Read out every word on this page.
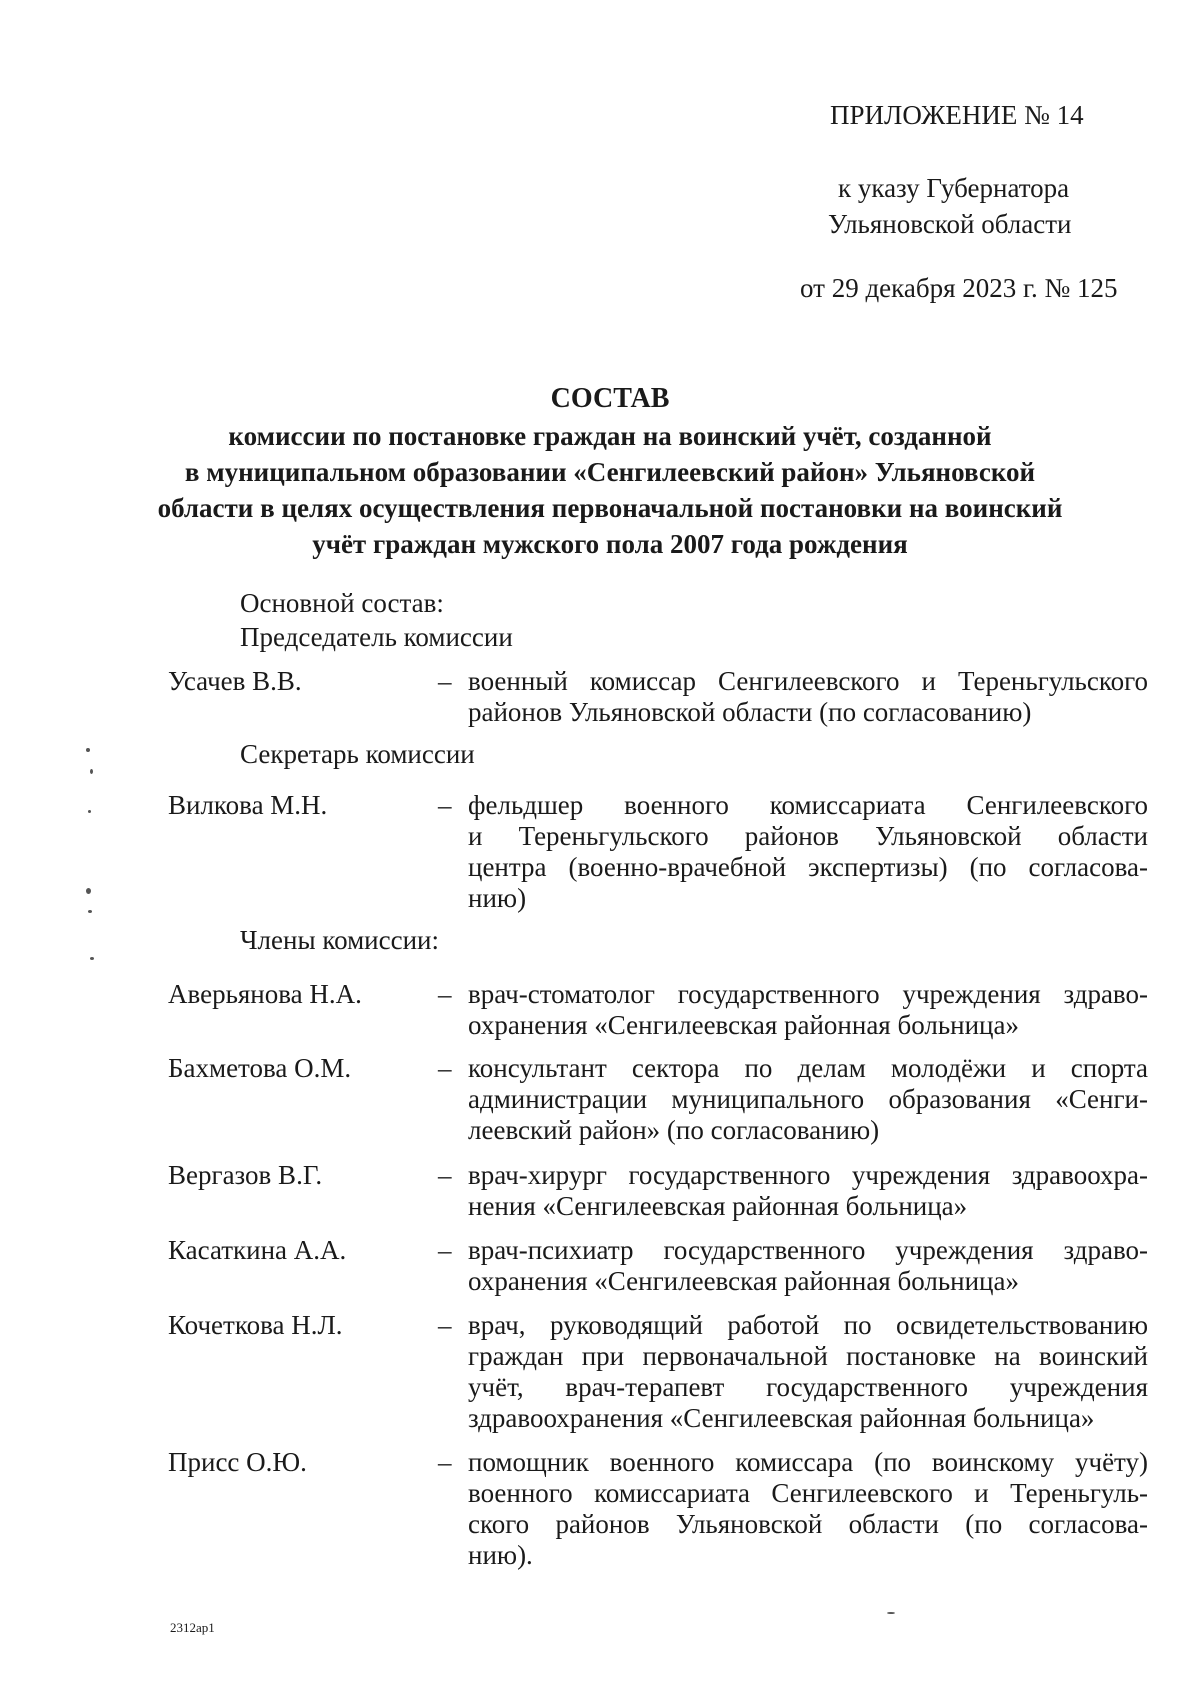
ПРИЛОЖЕНИЕ № 14
к указу Губернатора
Ульяновской области
от 29 декабря 2023 г. № 125
СОСТАВ
комиссии по постановке граждан на воинский учёт, созданной
в муниципальном образовании «Сенгилеевский район» Ульяновской
области в целях осуществления первоначальной постановки на воинский
учёт граждан мужского пола 2007 года рождения
Основной состав:
Председатель комиссии
Усачев В.В.	– военный комиссар Сенгилеевского и Тереньгульского
районов Ульяновской области (по согласованию)
Секретарь комиссии
Вилкова М.Н.	– фельдшер военного комиссариата Сенгилеевского
и Тереньгульского районов Ульяновской области
центра (военно-врачебной экспертизы) (по согласова-
нию)
Члены комиссии:
Аверьянова Н.А.	– врач-стоматолог государственного учреждения здраво-
охранения «Сенгилеевская районная больница»
Бахметова О.М.	– консультант сектора по делам молодёжи и спорта
администрации муниципального образования «Сенги-
леевский район» (по согласованию)
Вергазов В.Г.	– врач-хирург государственного учреждения здравоохра-
нения «Сенгилеевская районная больница»
Касаткина А.А.	– врач-психиатр государственного учреждения здраво-
охранения «Сенгилеевская районная больница»
Кочеткова Н.Л.	– врач, руководящий работой по освидетельствованию
граждан при первоначальной постановке на воинский
учёт, врач-терапевт государственного учреждения
здравоохранения «Сенгилеевская районная больница»
Присс О.Ю.	– помощник военного комиссара (по воинскому учёту)
военного комиссариата Сенгилеевского и Тереньгуль-
ского районов Ульяновской области (по согласова-
нию).
2312ap1
